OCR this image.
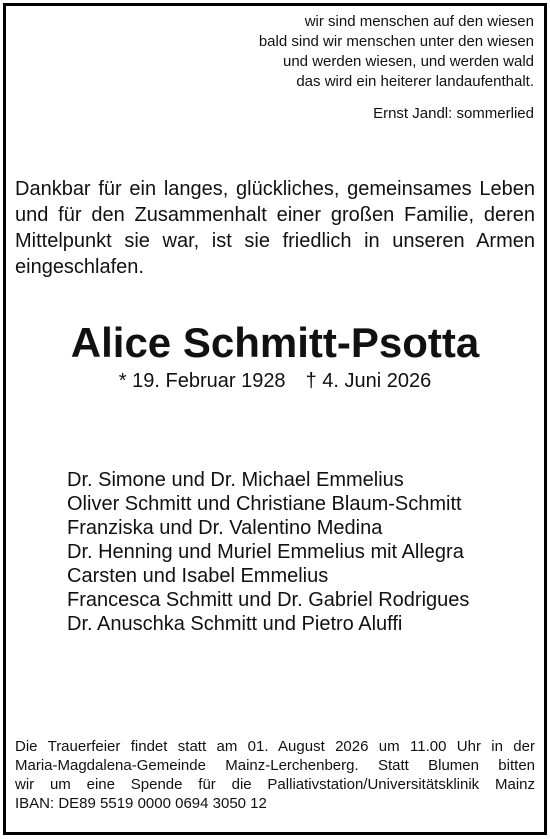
wir sind menschen auf den wiesen
bald sind wir menschen unter den wiesen
und werden wiesen, und werden wald
das wird ein heiterer landaufenthalt.
Ernst Jandl: sommerlied
Dankbar für ein langes, glückliches, gemeinsames Leben und für den Zusammenhalt einer großen Familie, deren Mittelpunkt sie war, ist sie friedlich in unseren Armen eingeschlafen.
Alice Schmitt-Psotta
* 19. Februar 1928 † 4. Juni 2026
Dr. Simone und Dr. Michael Emmelius
Oliver Schmitt und Christiane Blaum-Schmitt
Franziska und Dr. Valentino Medina
Dr. Henning und Muriel Emmelius mit Allegra
Carsten und Isabel Emmelius
Francesca Schmitt und Dr. Gabriel Rodrigues
Dr. Anuschka Schmitt und Pietro Aluffi
Die Trauerfeier findet statt am 01. August 2026 um 11.00 Uhr in der
Maria-Magdalena-Gemeinde Mainz-Lerchenberg. Statt Blumen bitten
wir um eine Spende für die Palliativstation/Universitätsklinik Mainz
IBAN: DE89 5519 0000 0694 3050 12
